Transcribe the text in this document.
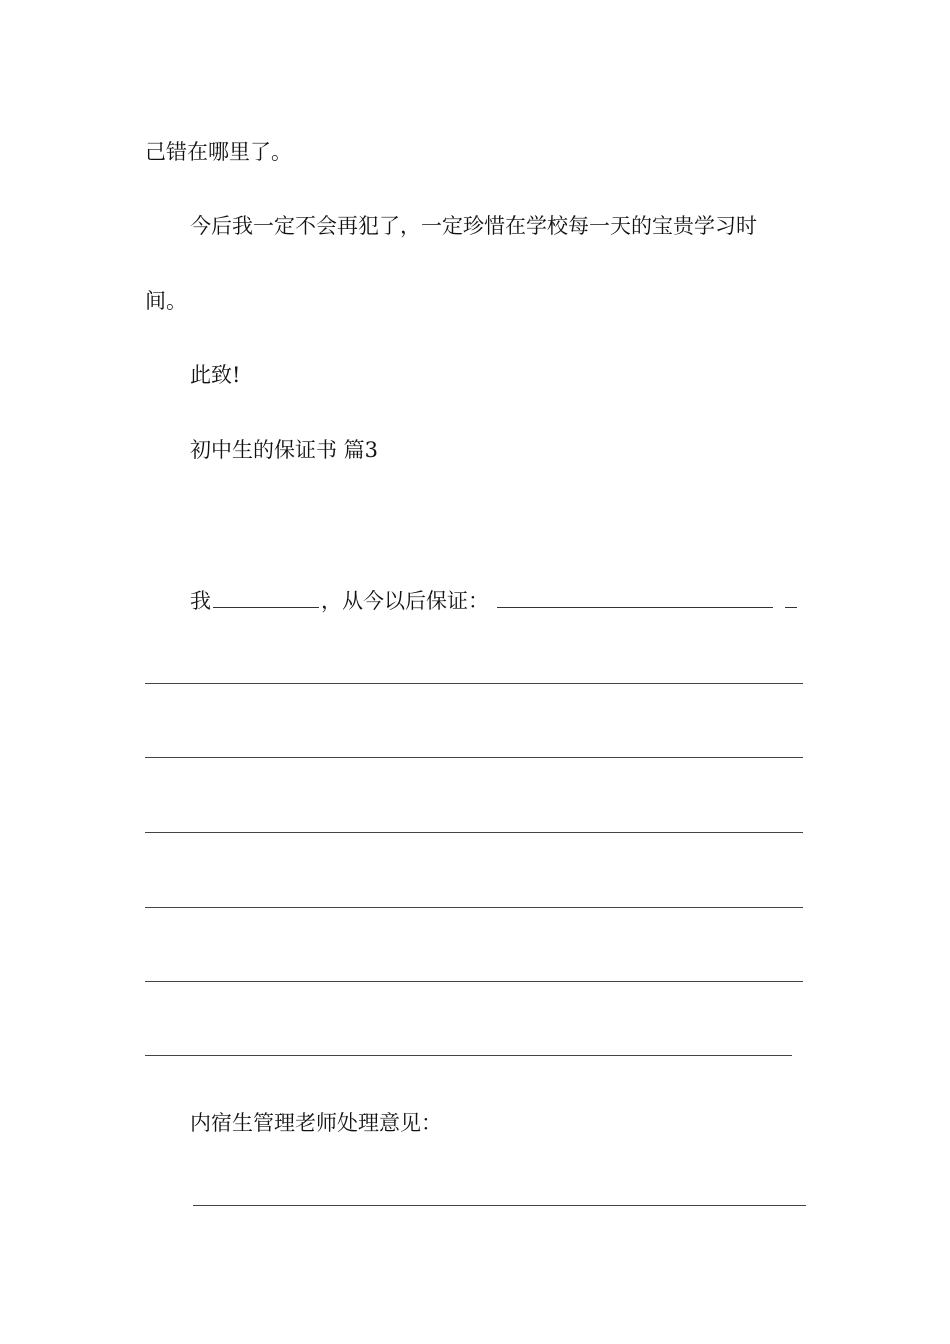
己错在哪里了。
今后我一定不会再犯了，一定珍惜在学校每一天的宝贵学习时
间。
此致!
初中生的保证书 篇3
我	，从今以后保证：
内宿生管理老师处理意见：
